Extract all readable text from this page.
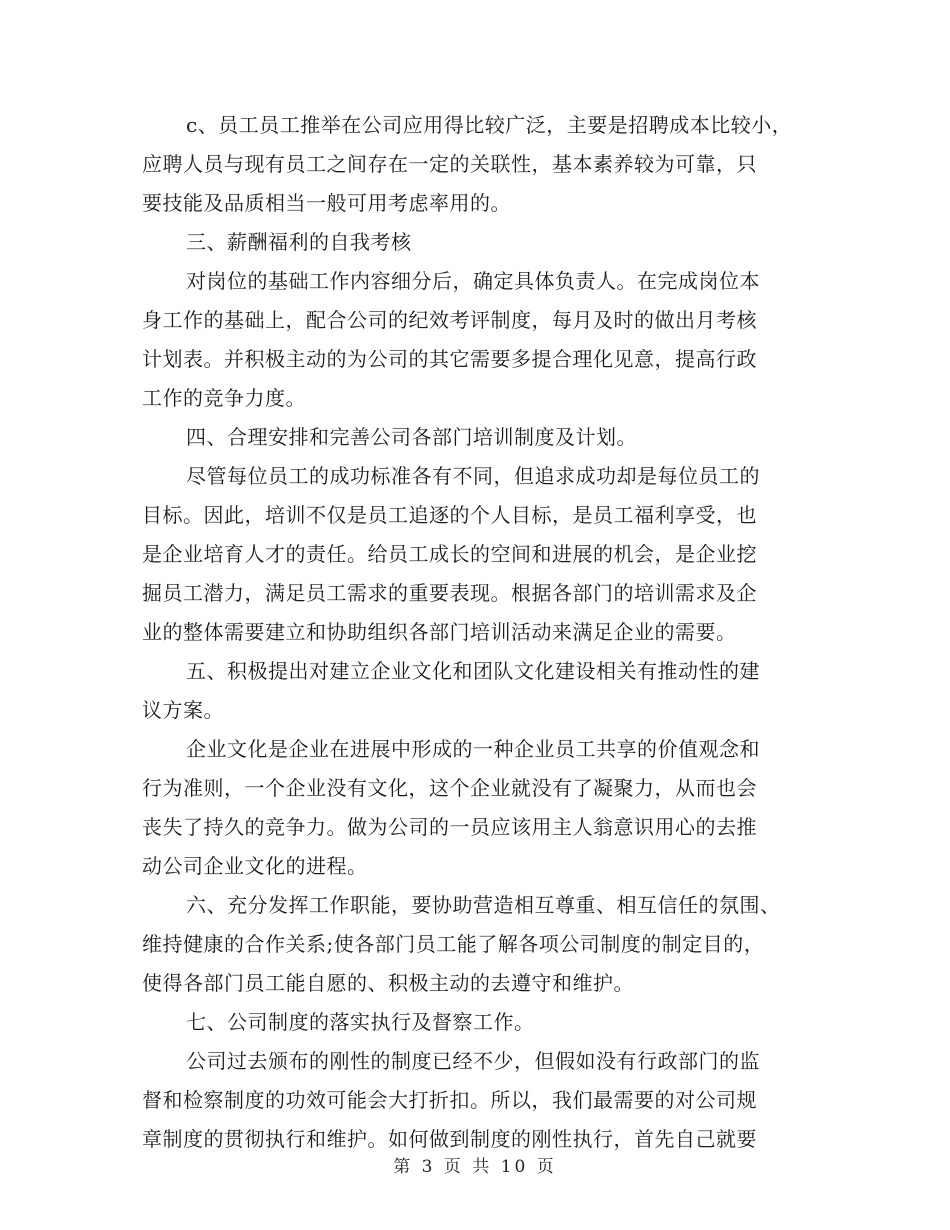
c、员工员工推举在公司应用得比较广泛，主要是招聘成本比较小，
应聘人员与现有员工之间存在一定的关联性，基本素养较为可靠，只
要技能及品质相当一般可用考虑率用的。
三、薪酬福利的自我考核
对岗位的基础工作内容细分后，确定具体负责人。在完成岗位本
身工作的基础上，配合公司的纪效考评制度，每月及时的做出月考核
计划表。并积极主动的为公司的其它需要多提合理化见意，提高行政
工作的竞争力度。
四、合理安排和完善公司各部门培训制度及计划。
尽管每位员工的成功标准各有不同，但追求成功却是每位员工的
目标。因此，培训不仅是员工追逐的个人目标，是员工福利享受，也
是企业培育人才的责任。给员工成长的空间和进展的机会，是企业挖
掘员工潜力，满足员工需求的重要表现。根据各部门的培训需求及企
业的整体需要建立和协助组织各部门培训活动来满足企业的需要。
五、积极提出对建立企业文化和团队文化建设相关有推动性的建
议方案。
企业文化是企业在进展中形成的一种企业员工共享的价值观念和
行为准则，一个企业没有文化，这个企业就没有了凝聚力，从而也会
丧失了持久的竞争力。做为公司的一员应该用主人翁意识用心的去推
动公司企业文化的进程。
六、充分发挥工作职能，要协助营造相互尊重、相互信任的氛围、
维持健康的合作关系;使各部门员工能了解各项公司制度的制定目的，
使得各部门员工能自愿的、积极主动的去遵守和维护。
七、公司制度的落实执行及督察工作。
公司过去颁布的刚性的制度已经不少，但假如没有行政部门的监
督和检察制度的功效可能会大打折扣。所以，我们最需要的对公司规
章制度的贯彻执行和维护。如何做到制度的刚性执行，首先自己就要
第 3 页 共 10 页
